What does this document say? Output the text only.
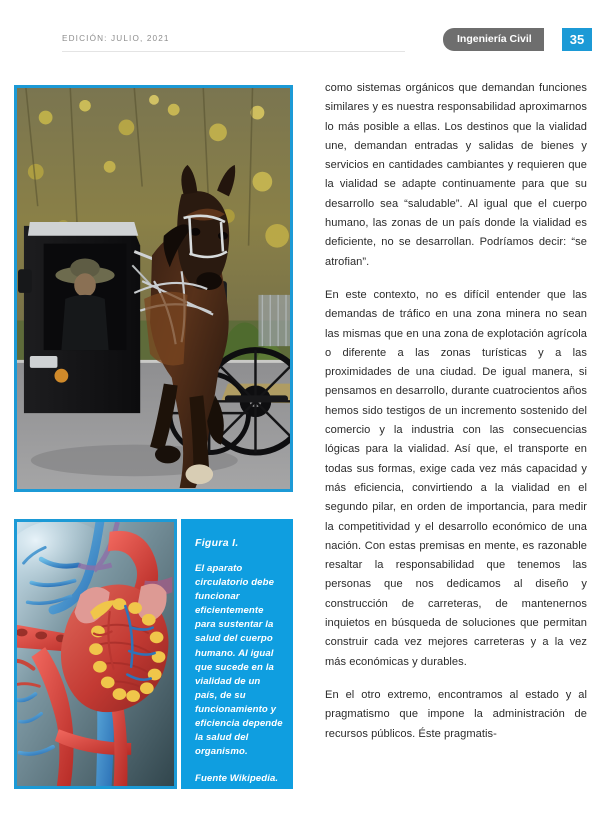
EDICIÓN: JULIO, 2021	Ingeniería Civil	35
Figura I.
El aparato circulatorio debe funcionar eficientemente para sustentar la salud del cuerpo humano. Al igual que sucede en la vialidad de un país, de su funcionamiento y eficiencia depende la salud del organismo.
Fuente Wikipedia.

como sistemas orgánicos que demandan funciones similares y es nuestra responsabilidad aproximarnos lo más posible a ellas. Los destinos que la vialidad une, demandan entradas y salidas de bienes y servicios en cantidades cambiantes y requieren que la vialidad se adapte continuamente para que su desarrollo sea “saludable”. Al igual que el cuerpo humano, las zonas de un país donde la vialidad es deficiente, no se desarrollan. Podríamos decir: “se atrofian”.

En este contexto, no es difícil entender que las demandas de tráfico en una zona minera no sean las mismas que en una zona de explotación agrícola o diferente a las zonas turísticas y a las proximidades de una ciudad. De igual manera, si pensamos en desarrollo, durante cuatrocientos años hemos sido testigos de un incremento sostenido del comercio y la industria con las consecuencias lógicas para la vialidad. Así que, el transporte en todas sus formas, exige cada vez más capacidad y más eficiencia, convirtiendo a la vialidad en el segundo pilar, en orden de importancia, para medir la competitividad y el desarrollo económico de una nación. Con estas premisas en mente, es razonable resaltar la responsabilidad que tenemos las personas que nos dedicamos al diseño y construcción de carreteras, de mantenernos inquietos en búsqueda de soluciones que permitan construir cada vez mejores carreteras y a la vez más económicas y durables.

En el otro extremo, encontramos al estado y al pragmatismo que impone la administración de recursos públicos. Éste pragmatis-
